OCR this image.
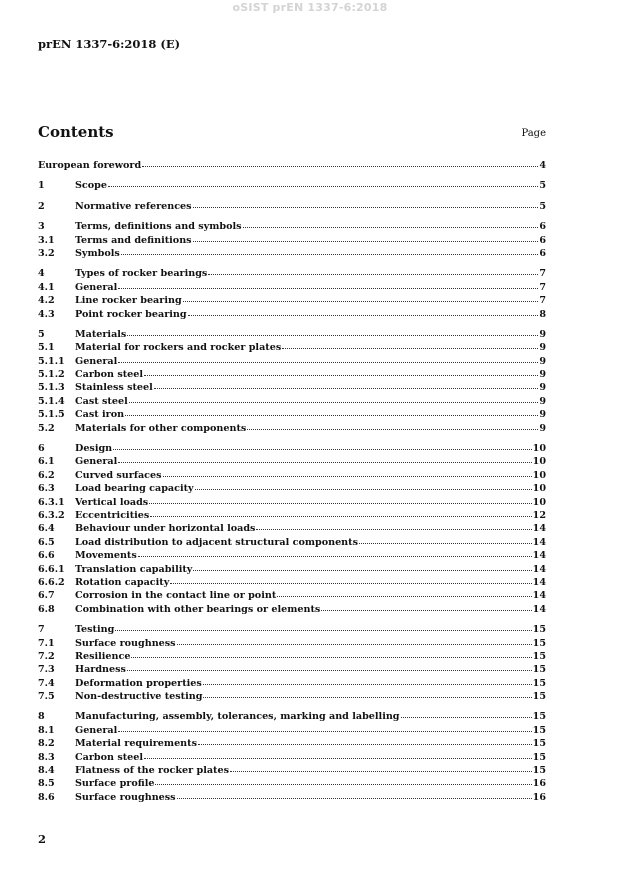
oSIST prEN 1337-6:2018
prEN 1337-6:2018 (E)
Contents	Page
European foreword	4
1	Scope	5
2	Normative references	5
3	Terms, definitions and symbols	6
3.1	Terms and definitions	6
3.2	Symbols	6
4	Types of rocker bearings	7
4.1	General	7
4.2	Line rocker bearing	7
4.3	Point rocker bearing	8
5	Materials	9
5.1	Material for rockers and rocker plates	9
5.1.1	General	9
5.1.2	Carbon steel	9
5.1.3	Stainless steel	9
5.1.4	Cast steel	9
5.1.5	Cast iron	9
5.2	Materials for other components	9
6	Design	10
6.1	General	10
6.2	Curved surfaces	10
6.3	Load bearing capacity	10
6.3.1	Vertical loads	10
6.3.2	Eccentricities	12
6.4	Behaviour under horizontal loads	14
6.5	Load distribution to adjacent structural components	14
6.6	Movements	14
6.6.1	Translation capability	14
6.6.2	Rotation capacity	14
6.7	Corrosion in the contact line or point	14
6.8	Combination with other bearings or elements	14
7	Testing	15
7.1	Surface roughness	15
7.2	Resilience	15
7.3	Hardness	15
7.4	Deformation properties	15
7.5	Non-destructive testing	15
8	Manufacturing, assembly, tolerances, marking and labelling	15
8.1	General	15
8.2	Material requirements	15
8.3	Carbon steel	15
8.4	Flatness of the rocker plates	15
8.5	Surface profile	16
8.6	Surface roughness	16
2
